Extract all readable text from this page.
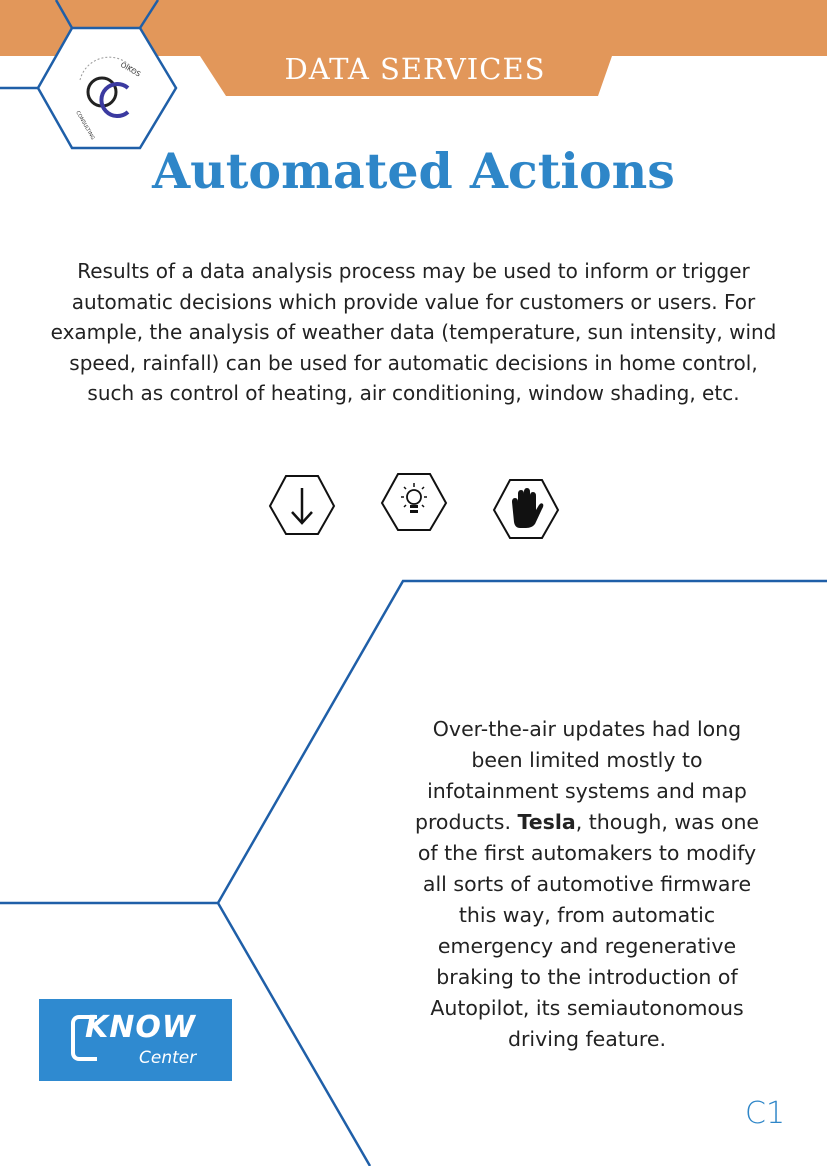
DATA SERVICES
OIKOS
CONSULTING
Automated Actions
Results of a data analysis process may be used to inform or trigger automatic decisions which provide value for customers or users. For example, the analysis of weather data (temperature, sun intensity, wind speed, rainfall) can be used for automatic decisions in home control, such as control of heating, air conditioning, window shading, etc.
Over-the-air updates had long been limited mostly to infotainment systems and map products. Tesla, though, was one of the first automakers to modify all sorts of automotive firmware this way, from automatic emergency and regenerative braking to the introduction of Autopilot, its semiautonomous driving feature.
KNOW
Center
C1
